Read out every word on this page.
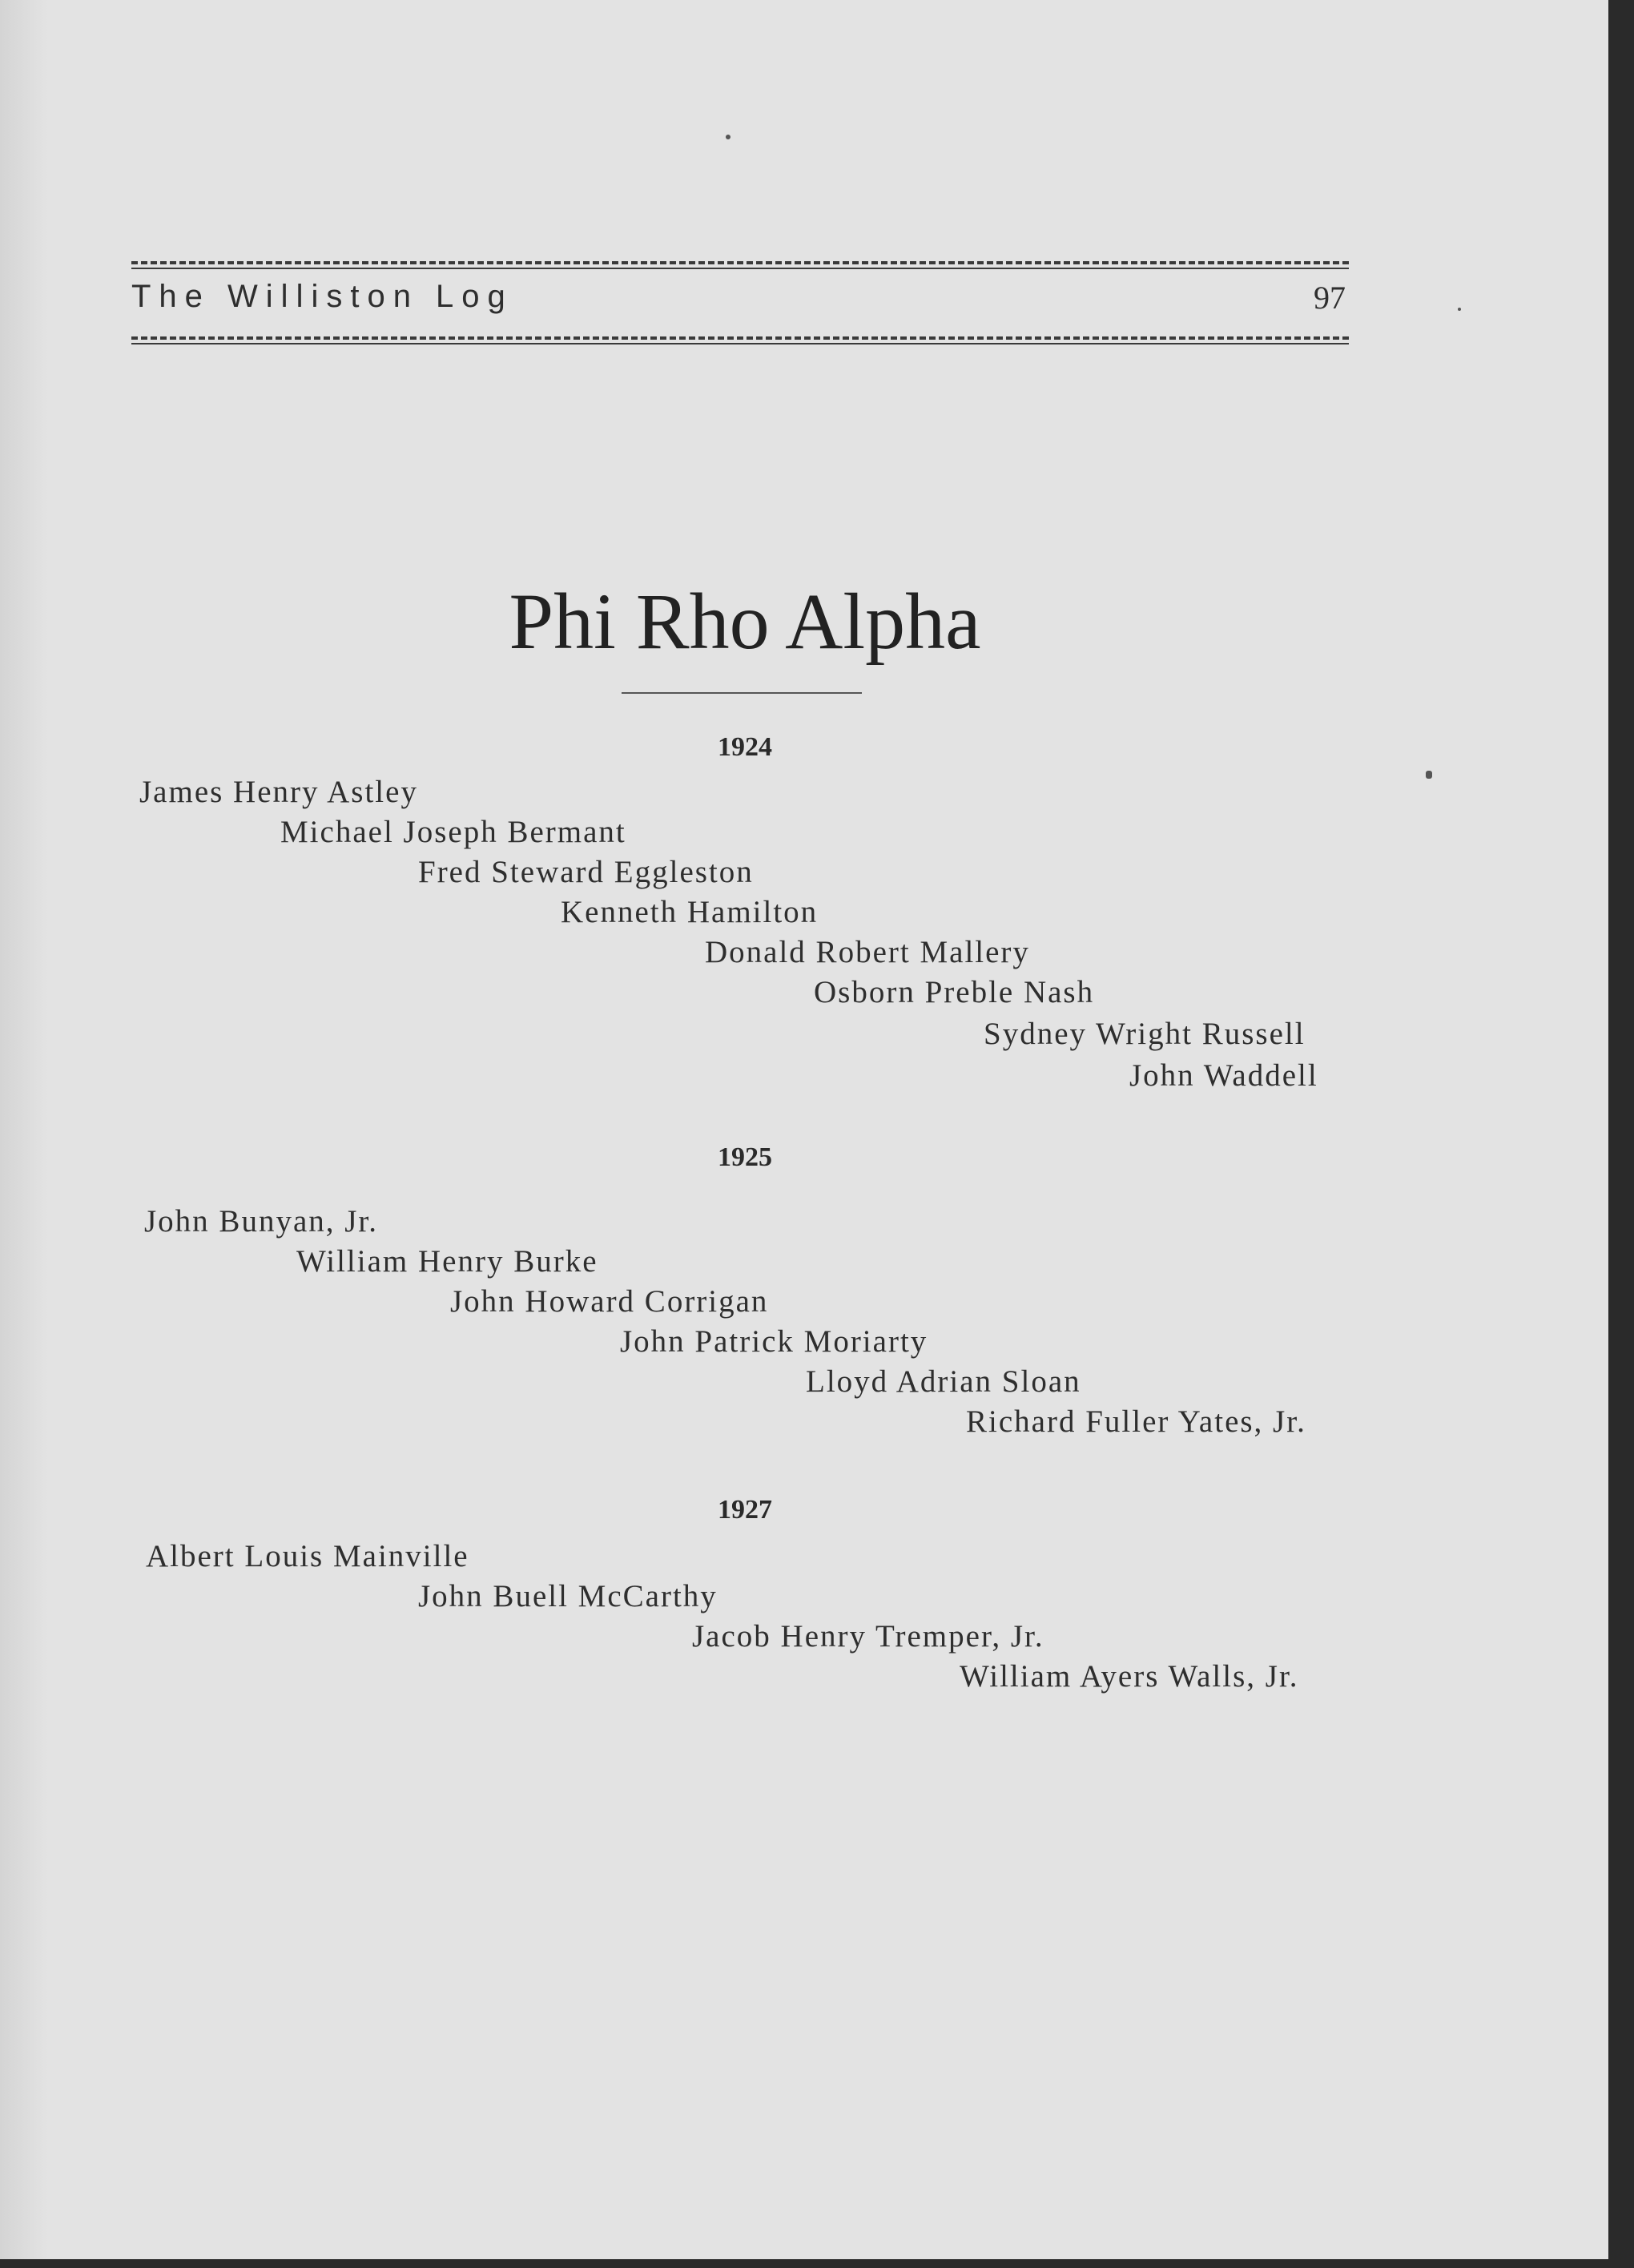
The Williston Log	97
Phi Rho Alpha
1924
James Henry Astley
Michael Joseph Bermant
Fred Steward Eggleston
Kenneth Hamilton
Donald Robert Mallery
Osborn Preble Nash
Sydney Wright Russell
John Waddell
1925
John Bunyan, Jr.
William Henry Burke
John Howard Corrigan
John Patrick Moriarty
Lloyd Adrian Sloan
Richard Fuller Yates, Jr.
1927
Albert Louis Mainville
John Buell McCarthy
Jacob Henry Tremper, Jr.
William Ayers Walls, Jr.
